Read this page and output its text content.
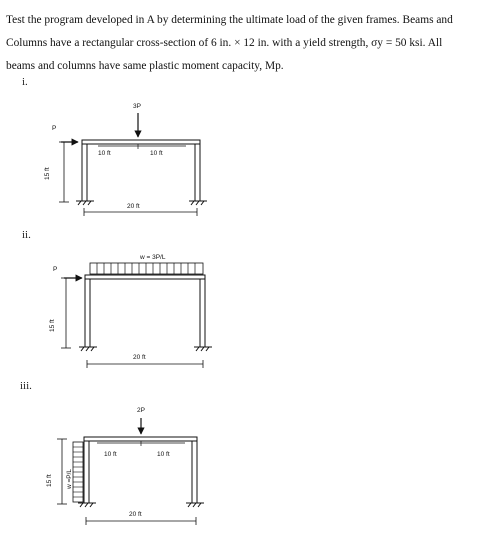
Test the program developed in A by determining the ultimate load of the given frames. Beams and
Columns have a rectangular cross-section of 6 in. × 12 in. with a yield strength, σy = 50 ksi. All
beams and columns have same plastic moment capacity, Mp.
i.
ii.
iii.
3P
P
10 ft	10 ft
15 ft
20 ft
w = 3P/L
P
15 ft
20 ft
2P
w =P/L
10 ft	10 ft
15 ft
20 ft
